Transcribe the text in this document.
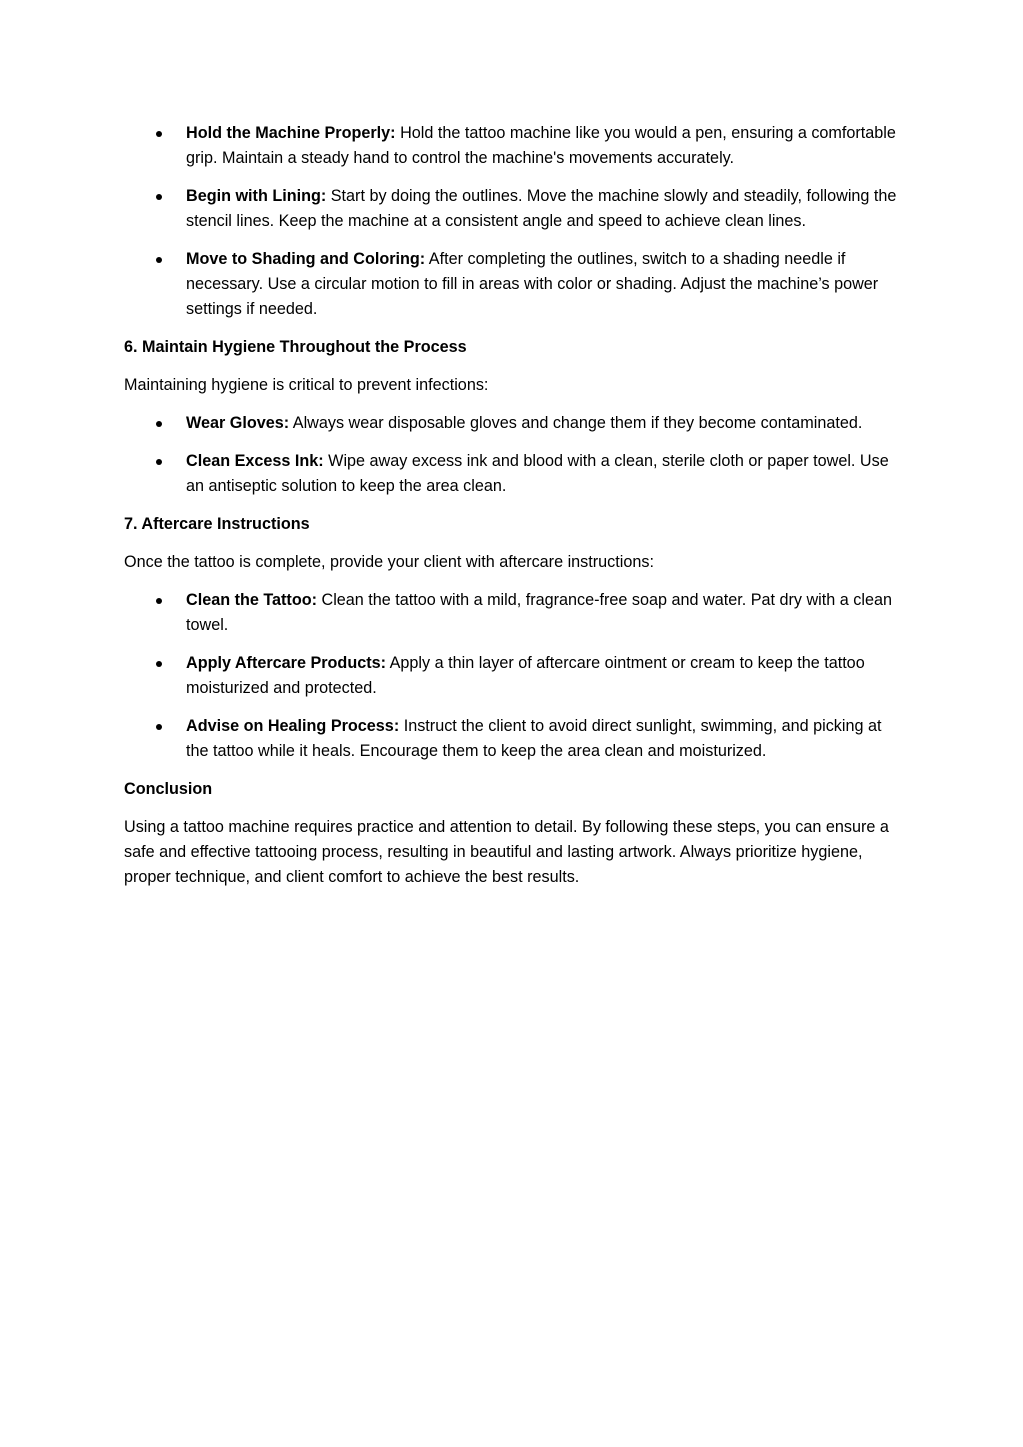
Hold the Machine Properly: Hold the tattoo machine like you would a pen, ensuring a comfortable grip. Maintain a steady hand to control the machine's movements accurately.
Begin with Lining: Start by doing the outlines. Move the machine slowly and steadily, following the stencil lines. Keep the machine at a consistent angle and speed to achieve clean lines.
Move to Shading and Coloring: After completing the outlines, switch to a shading needle if necessary. Use a circular motion to fill in areas with color or shading. Adjust the machine’s power settings if needed.
6. Maintain Hygiene Throughout the Process

Maintaining hygiene is critical to prevent infections:

Wear Gloves: Always wear disposable gloves and change them if they become contaminated.
Clean Excess Ink: Wipe away excess ink and blood with a clean, sterile cloth or paper towel. Use an antiseptic solution to keep the area clean.
7. Aftercare Instructions

Once the tattoo is complete, provide your client with aftercare instructions:

Clean the Tattoo: Clean the tattoo with a mild, fragrance-free soap and water. Pat dry with a clean towel.
Apply Aftercare Products: Apply a thin layer of aftercare ointment or cream to keep the tattoo moisturized and protected.
Advise on Healing Process: Instruct the client to avoid direct sunlight, swimming, and picking at the tattoo while it heals. Encourage them to keep the area clean and moisturized.
Conclusion

Using a tattoo machine requires practice and attention to detail. By following these steps, you can ensure a safe and effective tattooing process, resulting in beautiful and lasting artwork. Always prioritize hygiene, proper technique, and client comfort to achieve the best results.
